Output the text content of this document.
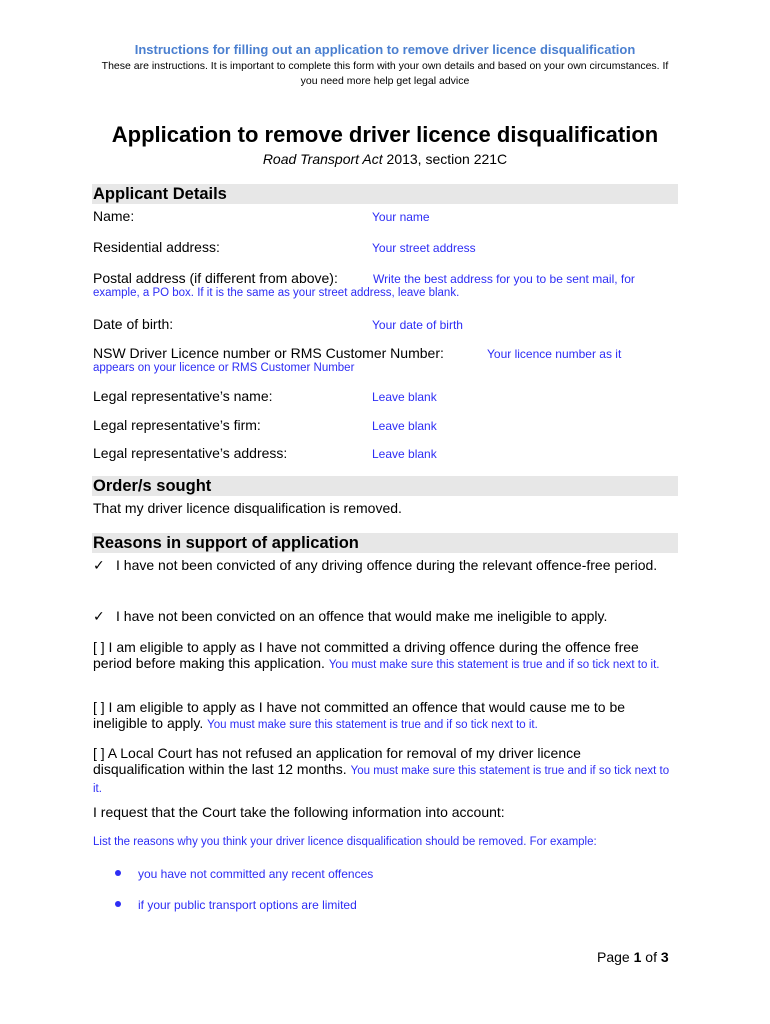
Instructions for filling out an application to remove driver licence disqualification
These are instructions. It is important to complete this form with your own details and based on your own circumstances. If you need more help get legal advice
Application to remove driver licence disqualification
Road Transport Act 2013, section 221C
Applicant Details
Name:	Your name
Residential address:	Your street address
Postal address (if different from above):	Write the best address for you to be sent mail, for
example, a PO box. If it is the same as your street address, leave blank.
Date of birth:	Your date of birth
NSW Driver Licence number or RMS Customer Number:	Your licence number as it
appears on your licence or RMS Customer Number
Legal representative’s name:	Leave blank
Legal representative’s firm:	Leave blank
Legal representative’s address:	Leave blank
Order/s sought
That my driver licence disqualification is removed.
Reasons in support of application
✓ I have not been convicted of any driving offence during the relevant offence-free period.
✓ I have not been convicted on an offence that would make me ineligible to apply.
[ ] I am eligible to apply as I have not committed a driving offence during the offence free period before making this application. You must make sure this statement is true and if so tick next to it.
[ ] I am eligible to apply as I have not committed an offence that would cause me to be ineligible to apply. You must make sure this statement is true and if so tick next to it.
[ ] A Local Court has not refused an application for removal of my driver licence disqualification within the last 12 months. You must make sure this statement is true and if so tick next to it.
I request that the Court take the following information into account:
List the reasons why you think your driver licence disqualification should be removed. For example:
you have not committed any recent offences
if your public transport options are limited
Page 1 of 3
